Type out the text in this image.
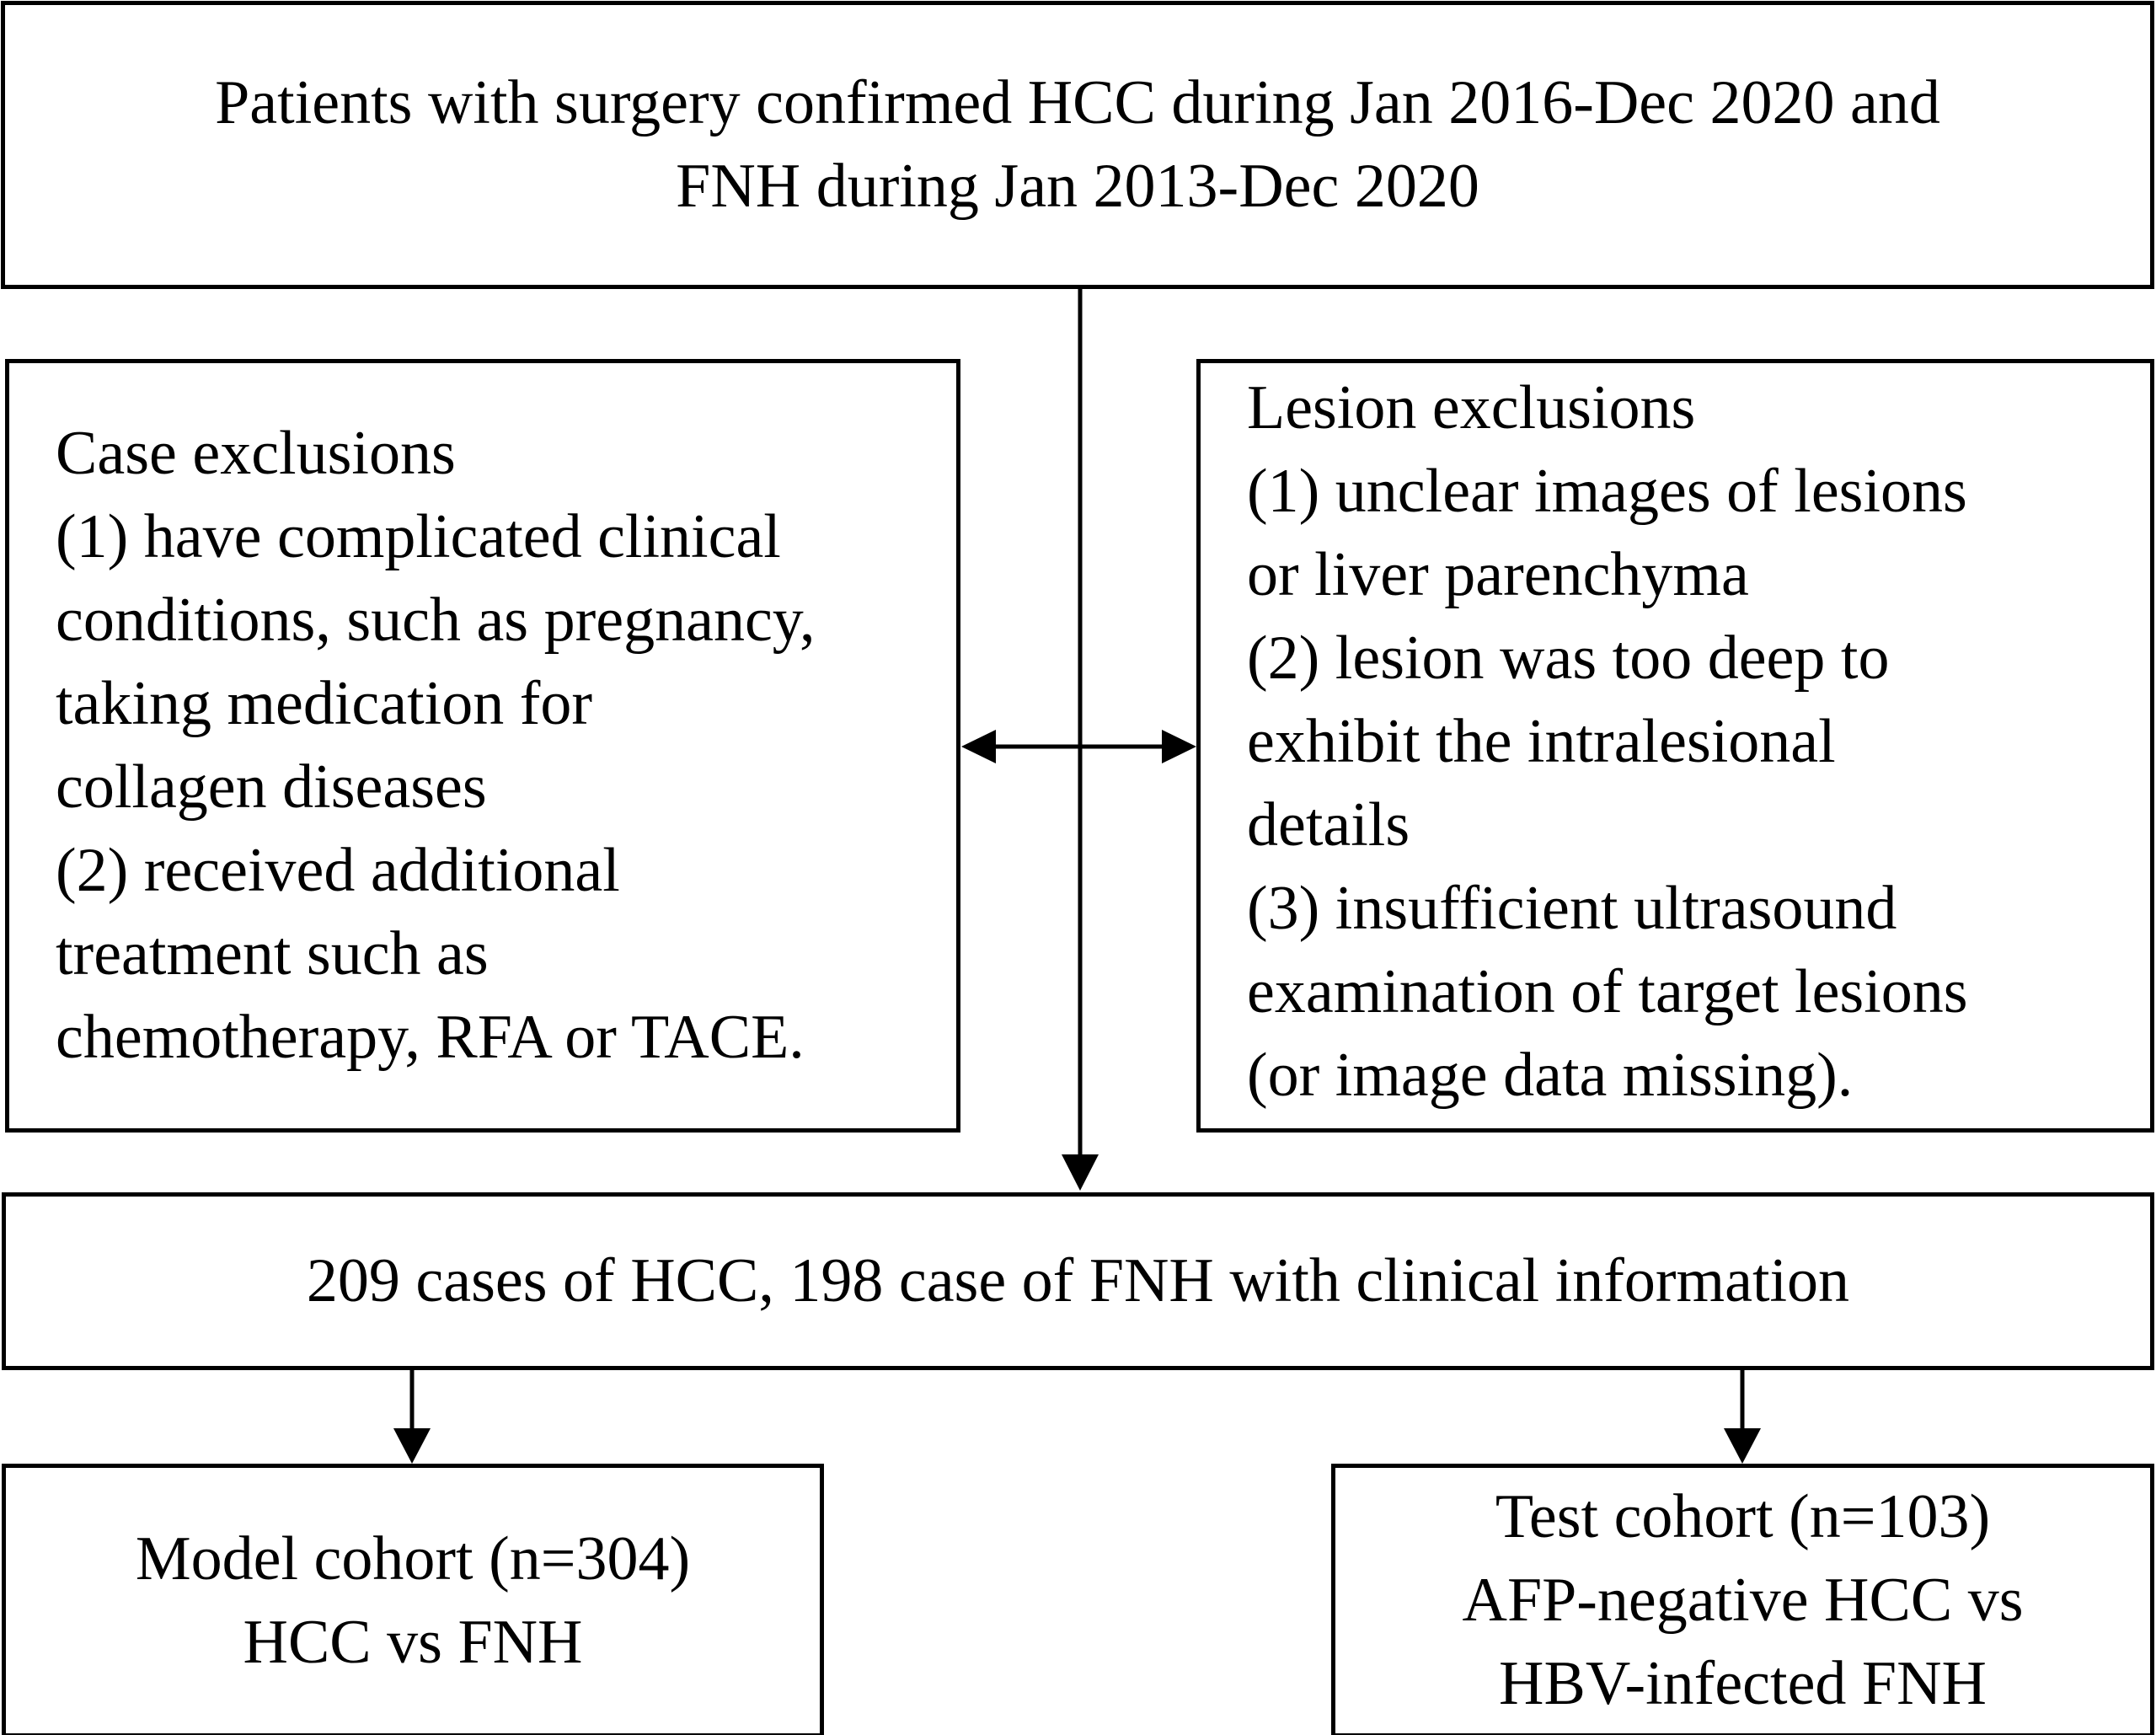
Patients with surgery confirmed HCC during Jan 2016-Dec 2020 and

FNH during Jan 2013-Dec 2020

Case exclusions

(1) have complicated clinical

conditions, such as pregnancy,

taking medication for

collagen diseases

(2) received additional

treatment such as

chemotherapy, RFA or TACE.

Lesion exclusions

(1) unclear images of lesions

or liver parenchyma

(2) lesion was too deep to

exhibit the intralesional

details

(3) insufficient ultrasound

examination of target lesions

(or image data missing).

209 cases of HCC, 198 case of FNH with clinical information

Model cohort (n=304)

HCC vs FNH

Test cohort (n=103)

AFP-negative HCC vs

HBV-infected FNH
